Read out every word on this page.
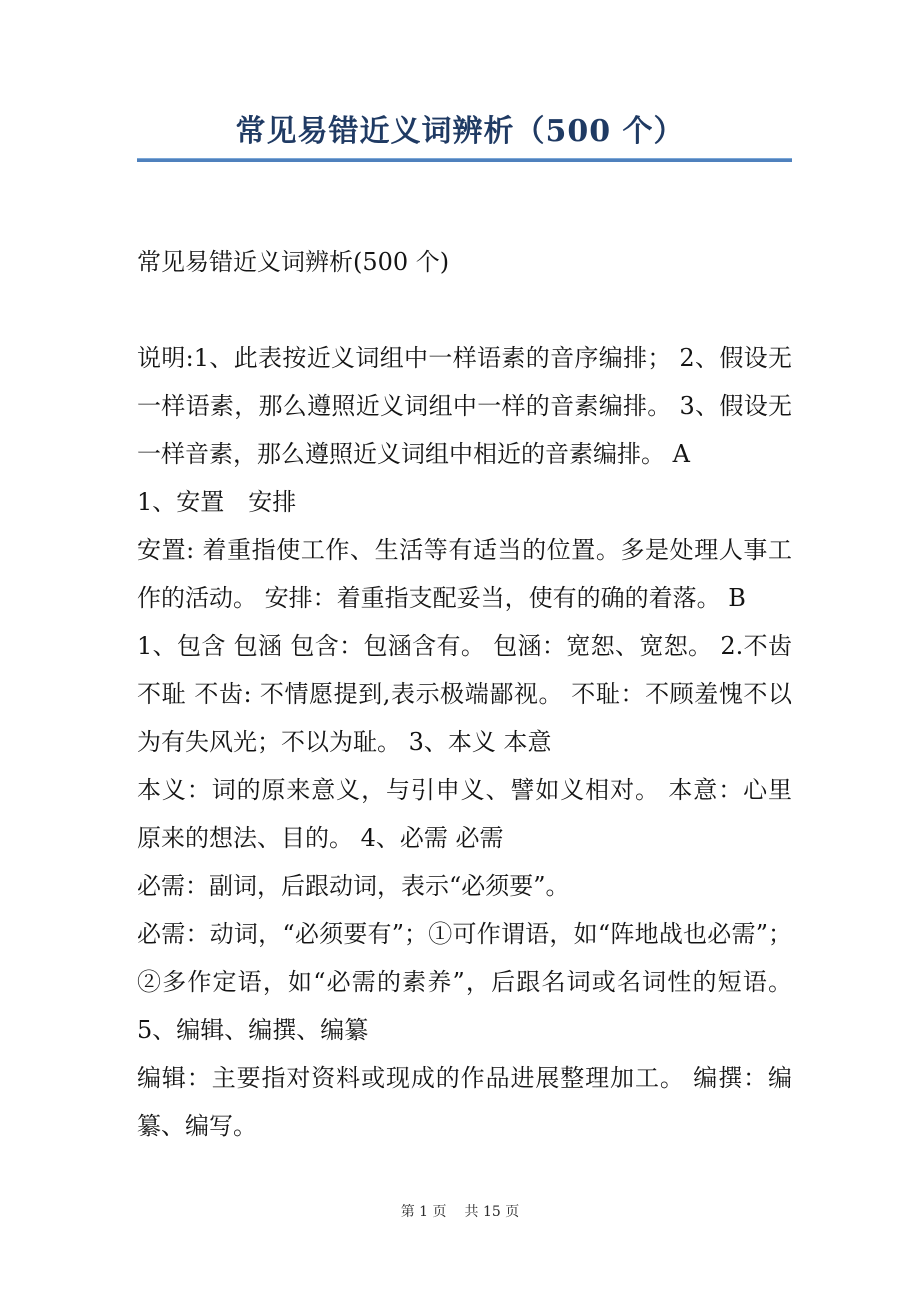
常见易错近义词辨析（500 个）

常见易错近义词辨析(500 个)

说明:1、此表按近义词组中一样语素的音序编排； 2、假设无一样语素，那么遵照近义词组中一样的音素编排。 3、假设无一样音素，那么遵照近义词组中相近的音素编排。 A

1、安置　安排

安置: 着重指使工作、生活等有适当的位置。多是处理人事工作的活动。 安排：着重指支配妥当，使有的确的着落。 B

1、包含 包涵 包含：包涵含有。 包涵：宽恕、宽恕。 2.不齿 不耻 不齿: 不情愿提到,表示极端鄙视。 不耻：不顾羞愧不以为有失风光；不以为耻。 3、本义 本意

本义：词的原来意义，与引申义、譬如义相对。 本意：心里原来的想法、目的。 4、必需 必需

必需：副词，后跟动词，表示“必须要”。

必需：动词，“必须要有”；①可作谓语，如“阵地战也必需”；②多作定语，如“必需的素养”，后跟名词或名词性的短语。 5、编辑、编撰、编纂

编辑：主要指对资料或现成的作品进展整理加工。 编撰：编纂、编写。

第 1 页 共 15 页
